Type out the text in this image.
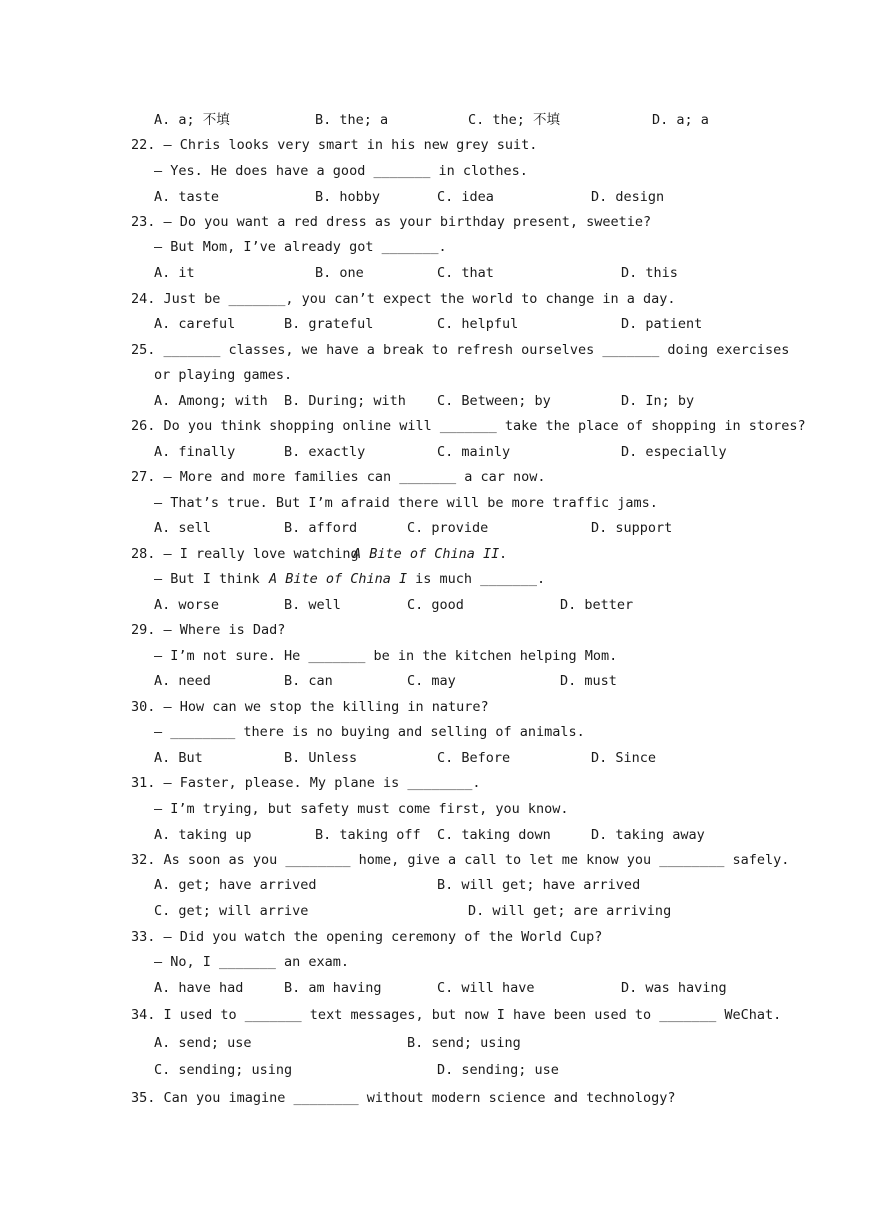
A. a; 不填	B. the; a	C. the; 不填	D. a; a
22. — Chris looks very smart in his new grey suit.
— Yes. He does have a good _______ in clothes.
A. taste	B. hobby	C. idea	D. design
23. — Do you want a red dress as your birthday present, sweetie?
— But Mom, I’ve already got _______.
A. it	B. one	C. that	D. this
24. Just be _______, you can’t expect the world to change in a day.
A. careful	B. grateful	C. helpful	D. patient
25. _______ classes, we have a break to refresh ourselves _______ doing exercises
or playing games.
A. Among; with B. During; with C. Between; by	D. In; by
26. Do you think shopping online will _______ take the place of shopping in stores?
A. finally	B. exactly	C. mainly	D. especially
27. — More and more families can _______ a car now.
— That’s true. But I’m afraid there will be more traffic jams.
A. sell	B. afford	C. provide	D. support
28. — I really love watching
A Bite of China II .
— But I think A Bite of China I is much _______.
A. worse	B. well	C. good	D. better
29. — Where is Dad?
— I’m not sure. He _______ be in the kitchen helping Mom.
A. need	B. can	C. may	D. must
30. — How can we stop the killing in nature?
— ________ there is no buying and selling of animals.
A. But	B. Unless	C. Before	D. Since
31. — Faster, please. My plane is ________.
— I’m trying, but safety must come first, you know.
A. taking up	B. taking off C. taking down	D. taking away
32. As soon as you ________ home, give a call to let me know you ________ safely.
A. get; have arrived	B. will get; have arrived
C. get; will arrive	D. will get; are arriving
33. — Did you watch the opening ceremony of the World Cup?
— No, I _______ an exam.
A. have had	B. am having	C. will have	D. was having
34. I used to _______ text messages, but now I have been used to _______ WeChat.
A. send; use	B. send; using
C. sending; using	D. sending; use
35. Can you imagine ________ without modern science and technology?
